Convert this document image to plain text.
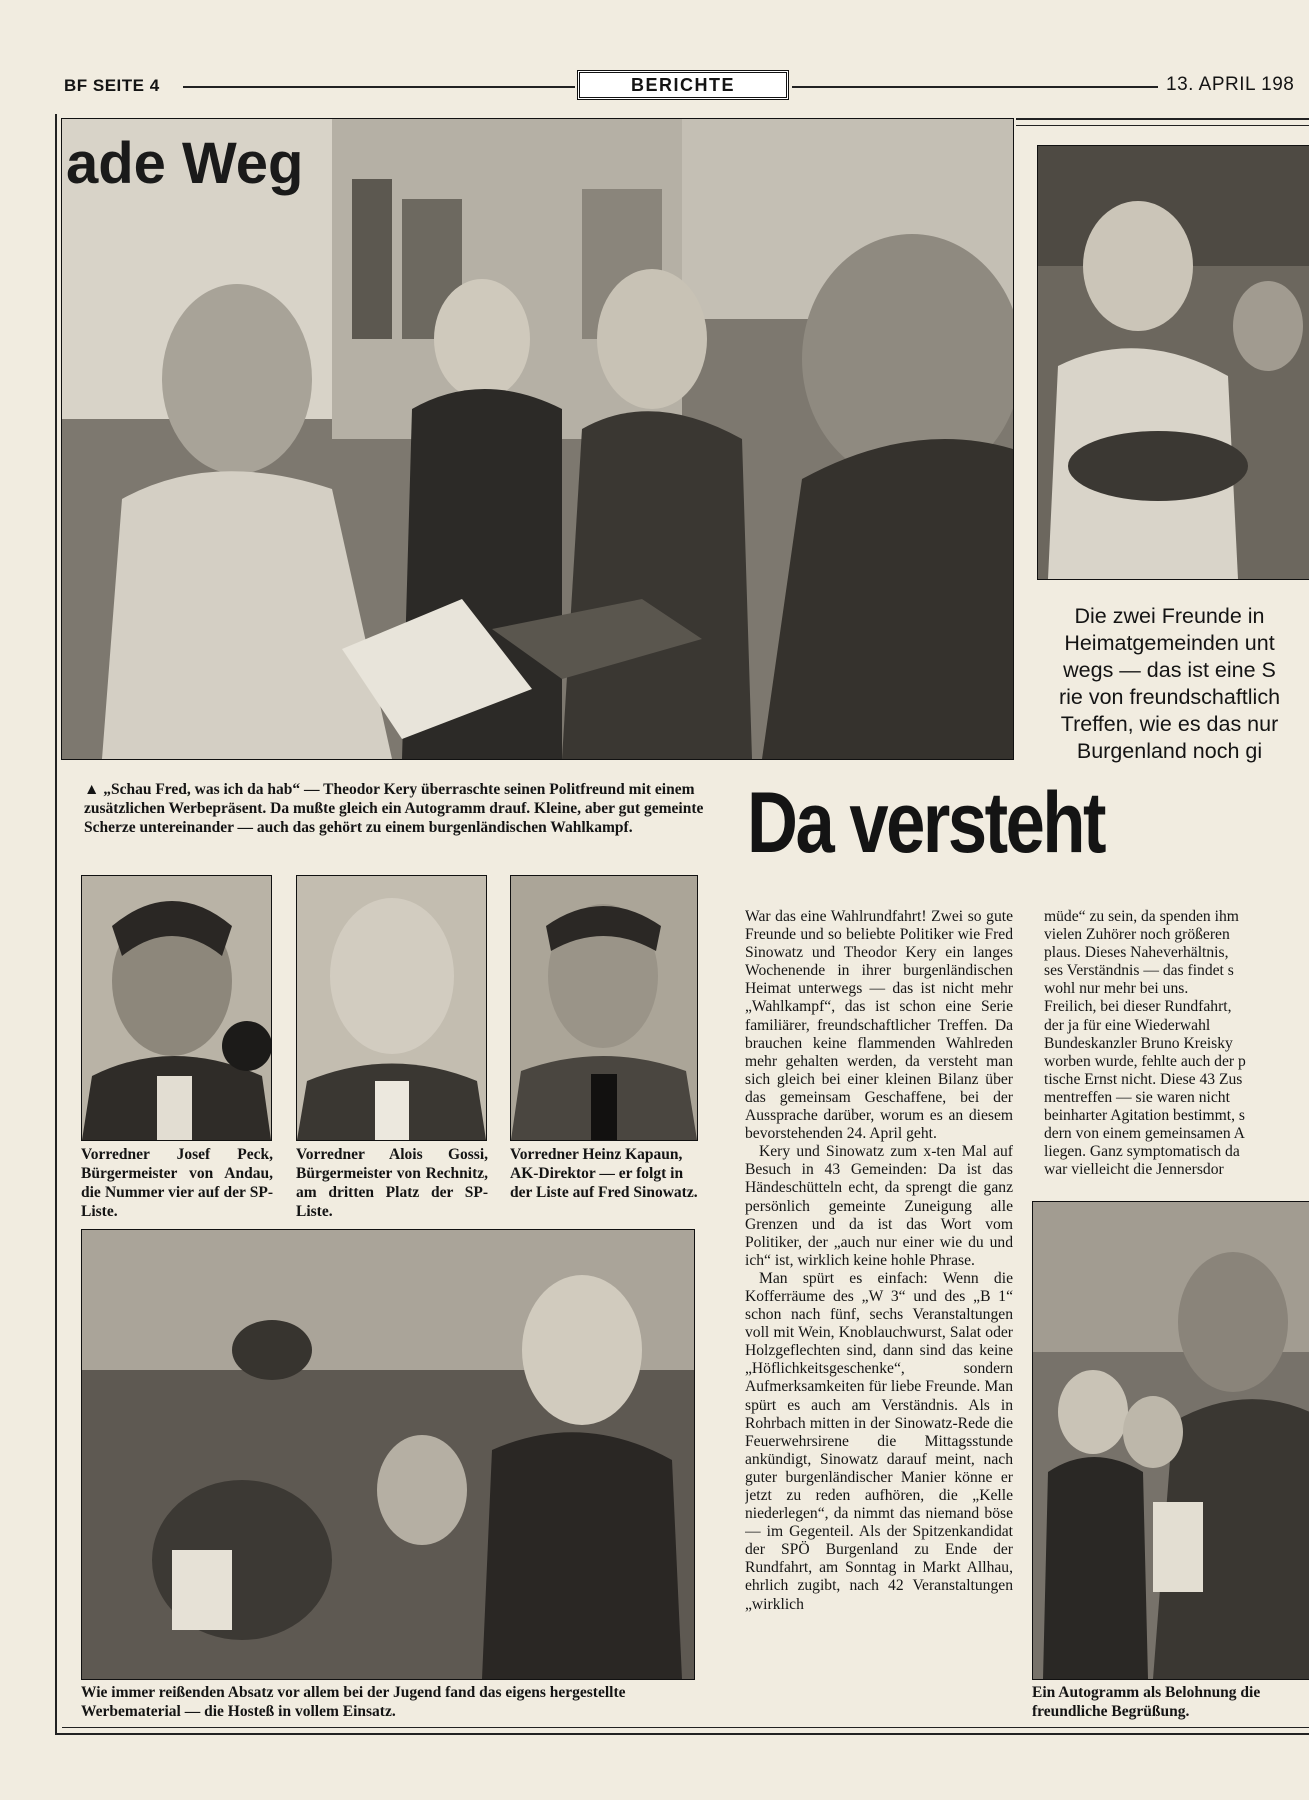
BF SEITE 4	BERICHTE	13. APRIL 198
ade Weg
Die zwei Freunde in
Heimatgemeinden unt
wegs — das ist eine S
rie von freundschaftlich
Treffen, wie es das nur
Burgenland noch gi
▲ „Schau Fred, was ich da hab“ — Theodor Kery überraschte seinen Politfreund mit einem zusätzlichen Werbepräsent. Da mußte gleich ein Autogramm drauf. Kleine, aber gut gemeinte Scherze untereinander — auch das gehört zu einem burgenländischen Wahlkampf.	Da versteht
Vorredner Josef Peck, Bürgermeister von Andau, die Nummer vier auf der SP-Liste.
Vorredner Alois Gossi, Bürgermeister von Rechnitz, am dritten Platz der SP-Liste.
Vorredner Heinz Kapaun, AK-Direktor — er folgt in der Liste auf Fred Sinowatz.
Wie immer reißenden Absatz vor allem bei der Jugend fand das eigens hergestellte Werbematerial — die Hosteß in vollem Einsatz.

War das eine Wahlrundfahrt! Zwei so gute Freunde und so beliebte Politiker wie Fred Sinowatz und Theodor Kery ein langes Wochenende in ihrer burgenländischen Heimat unterwegs — das ist nicht mehr „Wahlkampf“, das ist schon eine Serie familiärer, freundschaftlicher Treffen. Da brauchen keine flammenden Wahlreden mehr gehalten werden, da versteht man sich gleich bei einer kleinen Bilanz über das gemeinsam Geschaffene, bei der Aussprache darüber, worum es an diesem bevorstehenden 24. April geht.

Kery und Sinowatz zum x-ten Mal auf Besuch in 43 Gemeinden: Da ist das Händeschütteln echt, da sprengt die ganz persönlich gemeinte Zuneigung alle Grenzen und da ist das Wort vom Politiker, der „auch nur einer wie du und ich“ ist, wirklich keine hohle Phrase.

Man spürt es einfach: Wenn die Kofferräume des „W 3“ und des „B 1“ schon nach fünf, sechs Veranstaltungen voll mit Wein, Knoblauchwurst, Salat oder Holzgeflechten sind, dann sind das keine „Höflichkeitsgeschenke“, sondern Aufmerksamkeiten für liebe Freunde. Man spürt es auch am Verständnis. Als in Rohrbach mitten in der Sinowatz-Rede die Feuerwehrsirene die Mittagsstunde ankündigt, Sinowatz darauf meint, nach guter burgenländischer Manier könne er jetzt zu reden aufhören, die „Kelle niederlegen“, da nimmt das niemand böse — im Gegenteil. Als der Spitzenkandidat der SPÖ Burgenland zu Ende der Rundfahrt, am Sonntag in Markt Allhau, ehrlich zugibt, nach 42 Veranstaltungen „wirklich

müde“ zu sein, da spenden ihm

vielen Zuhörer noch größeren

plaus. Dieses Naheverhältnis,

ses Verständnis — das findet s

wohl nur mehr bei uns.

Freilich, bei dieser Rundfahrt,

der ja für eine Wiederwahl

Bundeskanzler Bruno Kreisky

worben wurde, fehlte auch der p

tische Ernst nicht. Diese 43 Zus

mentreffen — sie waren nicht

beinharter Agitation bestimmt, s

dern von einem gemeinsamen A

liegen. Ganz symptomatisch da

war vielleicht die Jennersdor

Ein Autogramm als Belohnung die freundliche Begrüßung.
